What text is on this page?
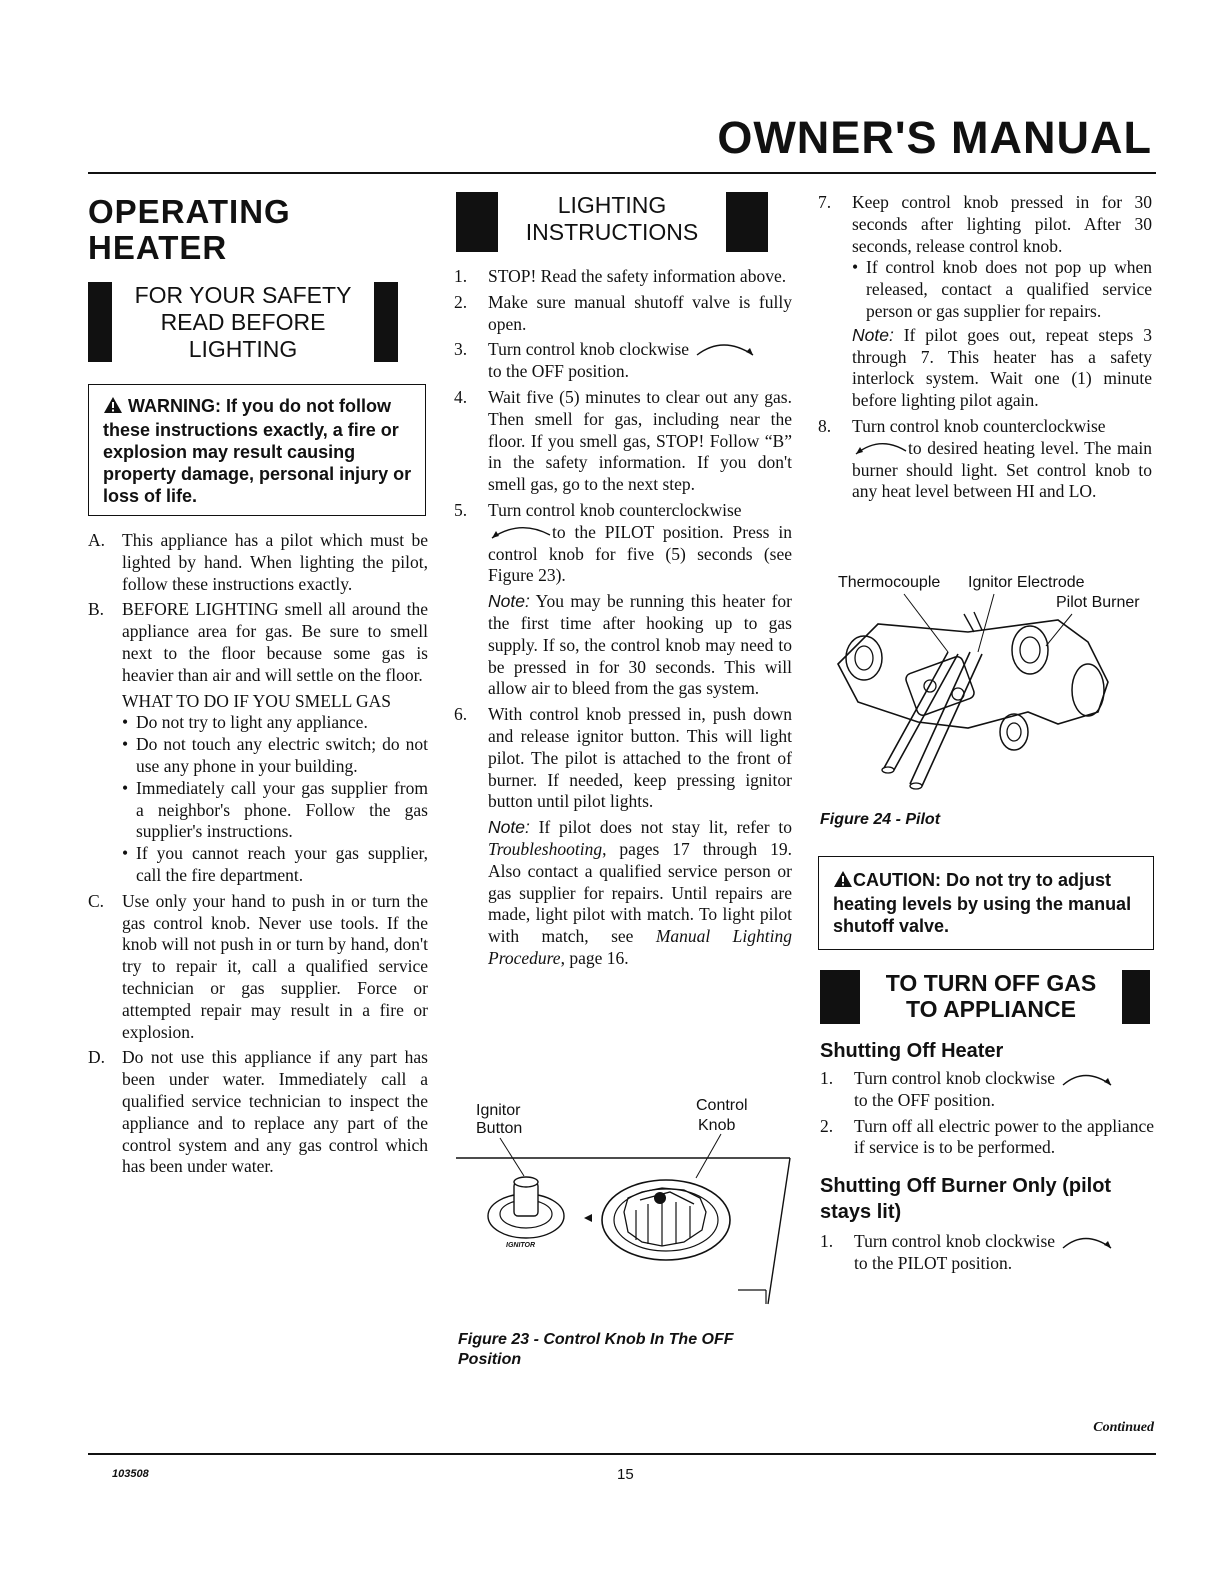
OWNER'S MANUAL
OPERATING
HEATER
FOR YOUR SAFETY
READ BEFORE
LIGHTING
WARNING: If you do not follow these instructions exactly, a fire or explosion may result causing property damage, personal injury or loss of life.
A. This appliance has a pilot which must be lighted by hand. When lighting the pilot, follow these instructions exactly.
B.	BEFORE LIGHTING smell all around the appliance area for gas. Be sure to smell next to the floor because some gas is heavier than air and will settle on the floor.
WHAT TO DO IF YOU SMELL GAS
• Do not try to light any appliance.
• Do not touch any electric switch; do not use any phone in your building.
• Immediately call your gas supplier from a neighbor's phone. Follow the gas supplier's instructions.
• If you cannot reach your gas supplier, call the fire department.
C.	Use only your hand to push in or turn the gas control knob. Never use tools. If the knob will not push in or turn by hand, don't try to repair it, call a qualified service technician or gas supplier. Force or attempted repair may result in a fire or explosion.
D. Do not use this appliance if any part has been under water. Immediately call a qualified service technician to inspect the appliance and to replace any part of the control system and any gas control which has been under water.
LIGHTING
INSTRUCTIONS
1.	STOP! Read the safety information above.
2.	Make sure manual shutoff valve is fully open.
3.	Turn control knob clockwise
to the OFF position.
4.	Wait five (5) minutes to clear out any gas. Then smell for gas, including near the floor. If you smell gas, STOP! Follow “B” in the safety information. If you don't smell gas, go to the next step.
5.	Turn control knob counterclockwise
to the PILOT position. Press in control knob for five (5) seconds (see Figure 23).
Note: You may be running this heater for the first time after hooking up to gas supply. If so, the control knob may need to be pressed in for 30 seconds. This will allow air to bleed from the gas system.
6.	With control knob pressed in, push down and release ignitor button. This will light pilot. The pilot is attached to the front of burner. If needed, keep pressing ignitor button until pilot lights.
Note: If pilot does not stay lit, refer to Troubleshooting, pages 17 through 19. Also contact a qualified service person or gas supplier for repairs. Until repairs are made, light pilot with match. To light pilot with match, see Manual Lighting Procedure, page 16.
Ignitor
Button
Control
Knob
IGNITOR
Figure 23 - Control Knob In The OFF Position
7.	Keep control knob pressed in for 30 seconds after lighting pilot. After 30 seconds, release control knob.
• If control knob does not pop up when released, contact a qualified service person or gas supplier for repairs.
Note: If pilot goes out, repeat steps 3 through 7. This heater has a safety interlock system. Wait one (1) minute before lighting pilot again.
8.	Turn control knob counterclockwise
to desired heating level. The main burner should light. Set control knob to any heat level between HI and LO.
Thermocouple Ignitor Electrode
Pilot Burner
Figure 24 - Pilot
CAUTION: Do not try to adjust heating levels by using the manual shutoff valve.
TO TURN OFF GAS
TO APPLIANCE
Shutting Off Heater
1.	Turn control knob clockwise
to the OFF position.
2.	Turn off all electric power to the appliance if service is to be performed.
Shutting Off Burner Only (pilot stays lit)
1.	Turn control knob clockwise
to the PILOT position.
Continued
103508	15
